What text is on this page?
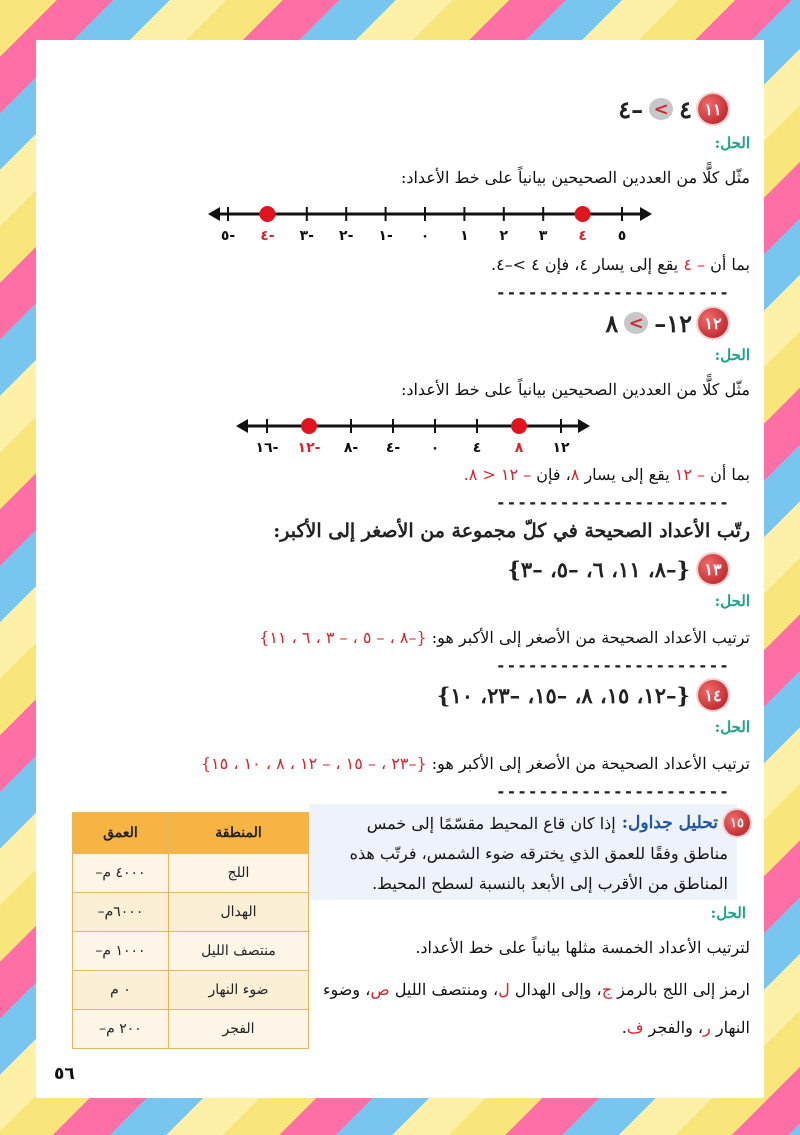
١١
٤
>
–٤
الحل:
مثّل كلًّا من العددين الصحيحين بيانياً على خط الأعداد:
٥
٤
٣
٢
١
٠
١-
٢-
٣-
٤-
٥-
بما أن – ٤ يقع إلى يسار ٤، فإن ٤ >–٤.
----------------------
١٢
١٢–
>
٨
الحل:
مثّل كلًّا من العددين الصحيحين بيانياً على خط الأعداد:
١٢
٨
٤
٠
٤-
٨-
١٢-
١٦-
بما أن – ١٢ يقع إلى يسار ٨، فإن – ١٢ < ٨.
----------------------
رتّب الأعداد الصحيحة في كلّ مجموعة من الأصغر إلى الأكبر:
١٣
{–٨، ١١، ٦، –٥، –٣}
الحل:
ترتيب الأعداد الصحيحة من الأصغر إلى الأكبر هو: {–٨ ، – ٥ ، – ٣ ، ٦ ، ١١}
----------------------
١٤
{–١٢، ١٥، ٨، –١٥، –٢٣، ١٠}
الحل:
ترتيب الأعداد الصحيحة من الأصغر إلى الأكبر هو: {–٢٣ ، – ١٥ ، – ١٢ ، ٨ ، ١٠ ، ١٥}
----------------------
١٥
تحليل جداول:
إذا كان قاع المحيط مقسّمًا إلى خمس
مناطق وفقًا للعمق الذي يخترقه ضوء الشمس، فرتّب هذه
المناطق من الأقرب إلى الأبعد بالنسبة لسطح المحيط.
الحل:
لترتيب الأعداد الخمسة مثلها بيانياً على خط الأعداد.
ارمز إلى اللج بالرمز ج، وإلى الهدال ل، ومنتصف الليل ص، وضوء
النهار ر، والفجر ف.
العمق	المنطقة
–٤٠٠٠ م	اللج
–٦٠٠٠م	الهدال
–١٠٠٠ م	منتصف الليل
٠ م	ضوء النهار
–٢٠٠ م	الفجر
٥٦
